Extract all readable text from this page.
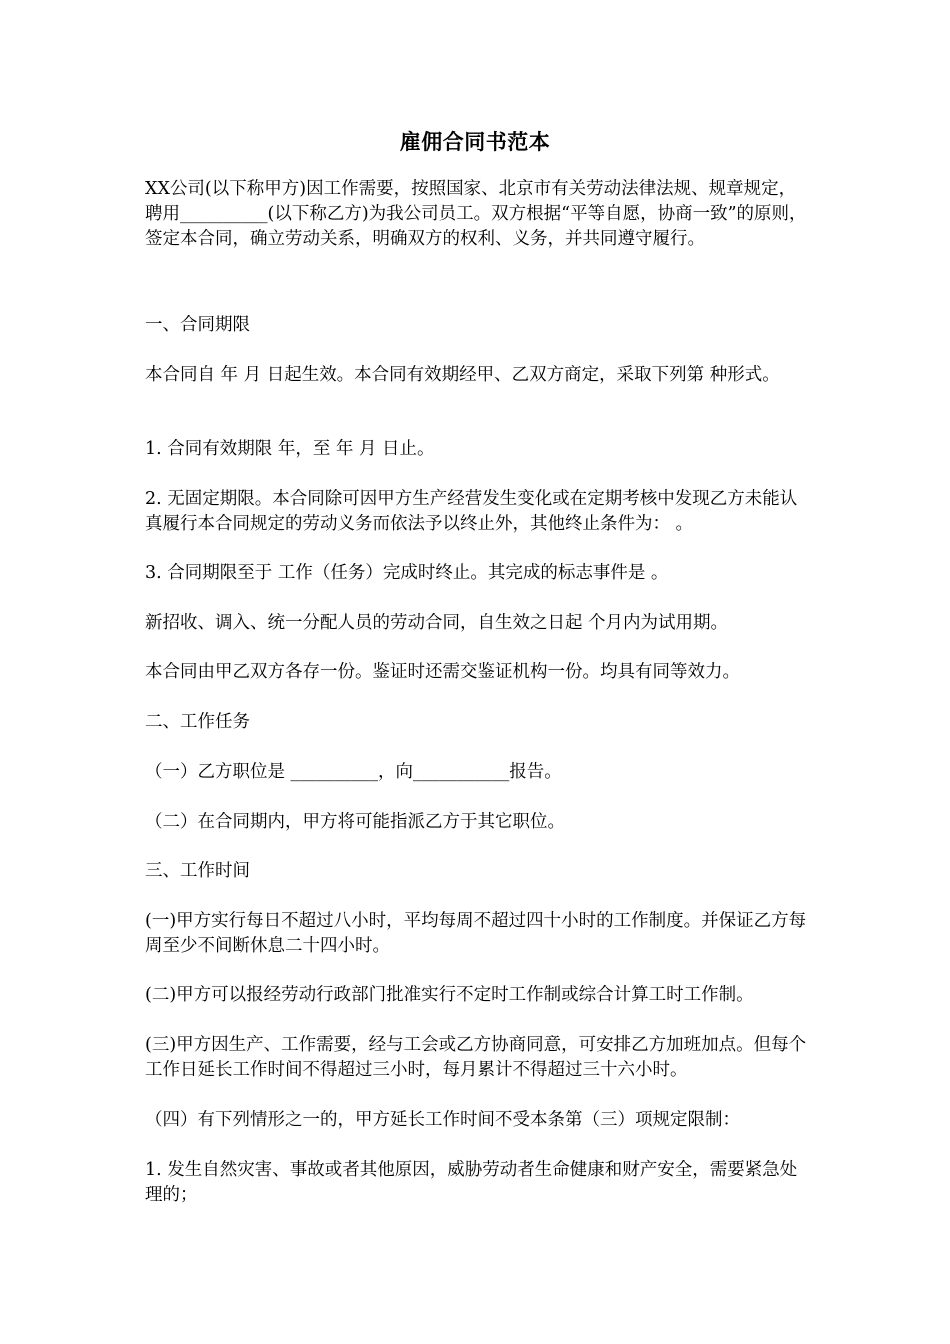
雇佣合同书范本

XX公司(以下称甲方)因工作需要，按照国家、北京市有关劳动法律法规、规章规定，聘用__________(以下称乙方)为我公司员工。双方根据“平等自愿，协商一致”的原则，签定本合同，确立劳动关系，明确双方的权利、义务，并共同遵守履行。

一、合同期限

本合同自 年 月 日起生效。本合同有效期经甲、乙双方商定，采取下列第 种形式。

1. 合同有效期限 年，至 年 月 日止。

2. 无固定期限。本合同除可因甲方生产经营发生变化或在定期考核中发现乙方未能认真履行本合同规定的劳动义务而依法予以终止外，其他终止条件为： 。

3. 合同期限至于 工作（任务）完成时终止。其完成的标志事件是 。

新招收、调入、统一分配人员的劳动合同，自生效之日起 个月内为试用期。

本合同由甲乙双方各存一份。鉴证时还需交鉴证机构一份。均具有同等效力。

二、工作任务

（一）乙方职位是 __________，向___________报告。

（二）在合同期内，甲方将可能指派乙方于其它职位。

三、工作时间

(一)甲方实行每日不超过八小时，平均每周不超过四十小时的工作制度。并保证乙方每周至少不间断休息二十四小时。

(二)甲方可以报经劳动行政部门批准实行不定时工作制或综合计算工时工作制。

(三)甲方因生产、工作需要，经与工会或乙方协商同意，可安排乙方加班加点。但每个工作日延长工作时间不得超过三小时，每月累计不得超过三十六小时。

（四）有下列情形之一的，甲方延长工作时间不受本条第（三）项规定限制：

1. 发生自然灾害、事故或者其他原因，威胁劳动者生命健康和财产安全，需要紧急处理的；
